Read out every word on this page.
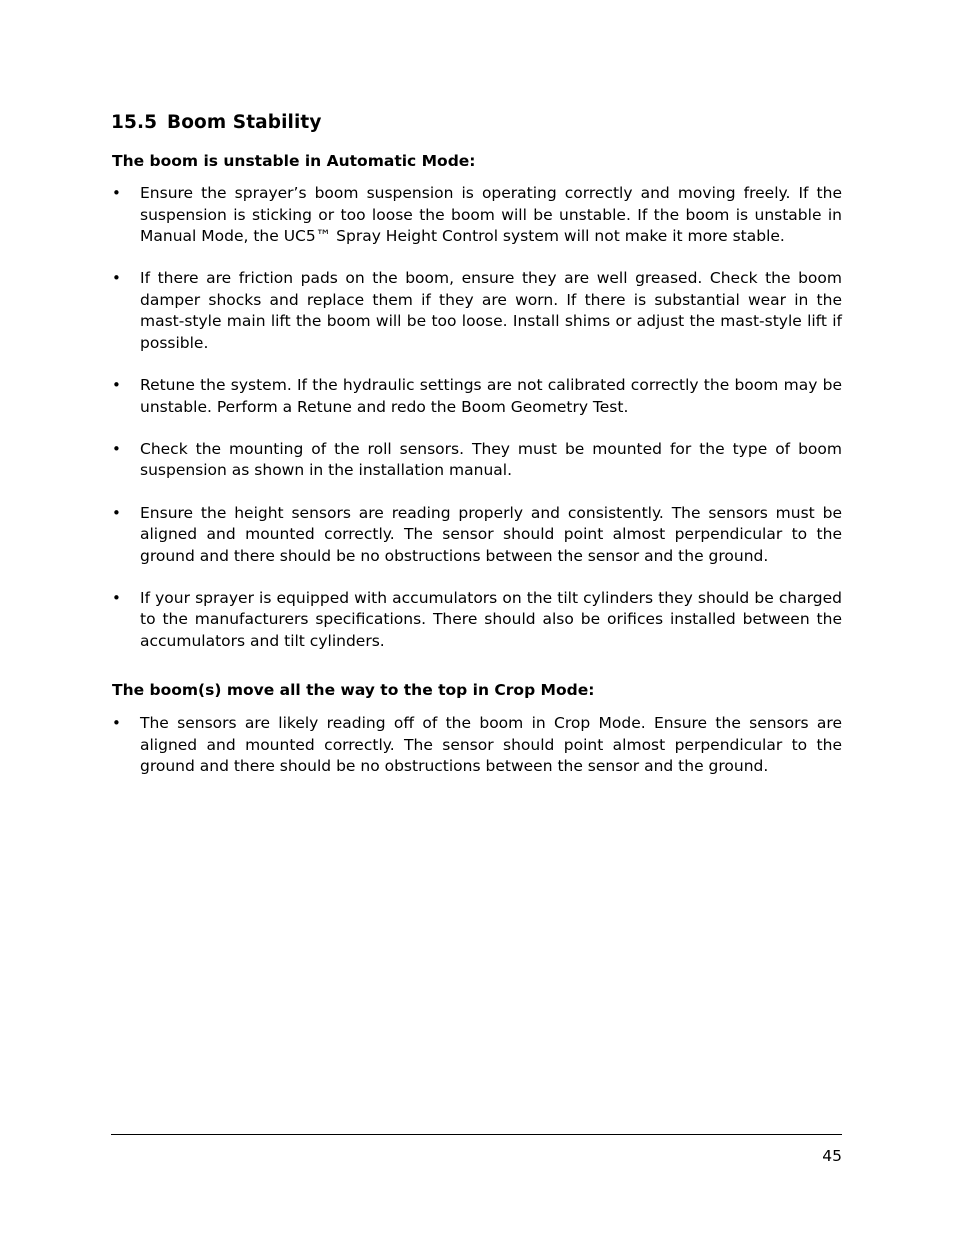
15.5 Boom Stability
The boom is unstable in Automatic Mode:
• Ensure the sprayer’s boom suspension is operating correctly and moving freely. If the suspension is sticking or too loose the boom will be unstable. If the boom is unstable in Manual Mode, the UC5™ Spray Height Control system will not make it more stable.
• If there are friction pads on the boom, ensure they are well greased. Check the boom damper shocks and replace them if they are worn. If there is substantial wear in the mast-style main lift the boom will be too loose. Install shims or adjust the mast-style lift if possible.
• Retune the system. If the hydraulic settings are not calibrated correctly the boom may be unstable. Perform a Retune and redo the Boom Geometry Test.
• Check the mounting of the roll sensors. They must be mounted for the type of boom suspension as shown in the installation manual.
• Ensure the height sensors are reading properly and consistently. The sensors must be aligned and mounted correctly. The sensor should point almost perpendicular to the ground and there should be no obstructions between the sensor and the ground.
• If your sprayer is equipped with accumulators on the tilt cylinders they should be charged to the manufacturers specifications. There should also be orifices installed between the accumulators and tilt cylinders.
The boom(s) move all the way to the top in Crop Mode:
• The sensors are likely reading off of the boom in Crop Mode. Ensure the sensors are aligned and mounted correctly. The sensor should point almost perpendicular to the ground and there should be no obstructions between the sensor and the ground.
45
